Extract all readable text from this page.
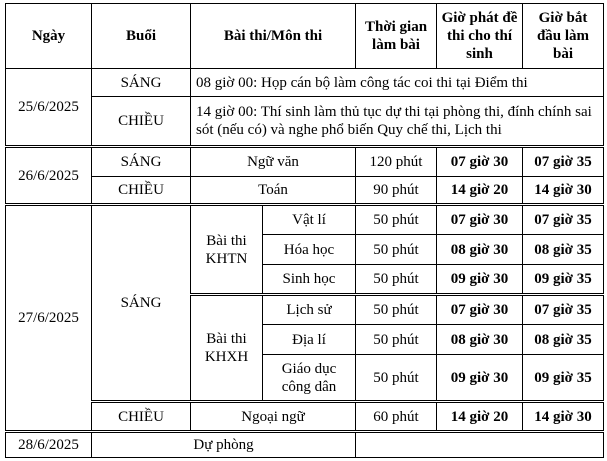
Ngày	Buổi	Bài thi/Môn thi		Thời gian làm bài	Giờ phát đề thi cho thí sinh	Giờ bắt đầu làm bài
25/6/2025	SÁNG	08 giờ 00: Họp cán bộ làm công tác coi thi tại Điểm thi				
	CHIỀU	14 giờ 00: Thí sinh làm thủ tục dự thi tại phòng thi, đính chính sai sót (nếu có) và nghe phổ biến Quy chế thi, Lịch thi				
26/6/2025	SÁNG	Ngữ văn		120 phút	07 giờ 30	07 giờ 35
	CHIỀU	Toán		90 phút	14 giờ 20	14 giờ 30
27/6/2025	SÁNG	Bài thi KHTN	Vật lí	50 phút	07 giờ 30	07 giờ 35
			Hóa học	50 phút	08 giờ 30	08 giờ 35
			Sinh học	50 phút	09 giờ 30	09 giờ 35
		Bài thi KHXH	Lịch sử	50 phút	07 giờ 30	07 giờ 35
			Địa lí	50 phút	08 giờ 30	08 giờ 35
			Giáo dục công dân	50 phút	09 giờ 30	09 giờ 35
	CHIỀU	Ngoại ngữ		60 phút	14 giờ 20	14 giờ 30
28/6/2025	Dự phòng					
